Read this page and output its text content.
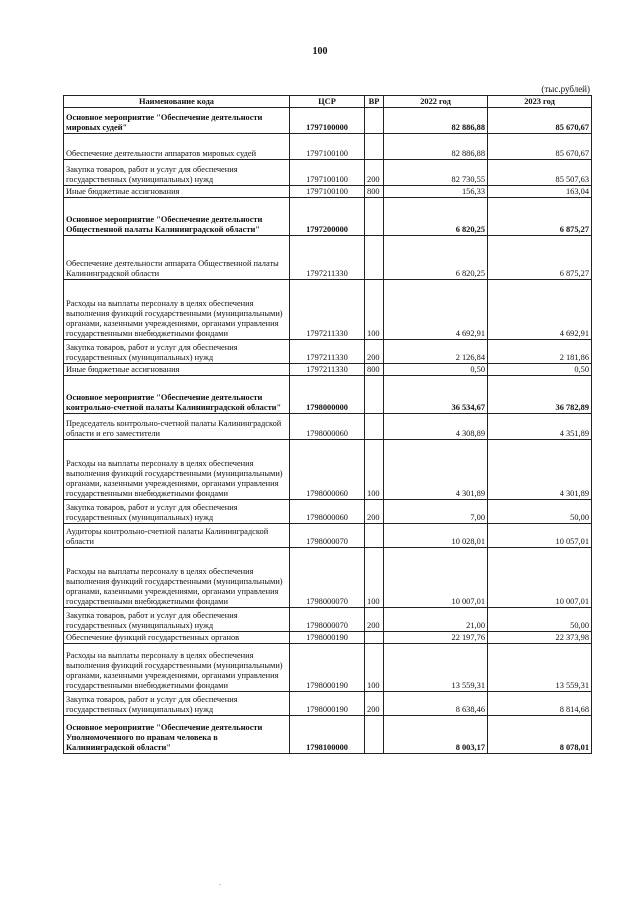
100
(тыс.рублей)
Наименование кода	ЦСР	ВР	2022 год	2023 год
Основное мероприятие "Обеспечение деятельности мировых судей"	1797100000		82 886,88	85 670,67
Обеспечение деятельности аппаратов мировых судей	1797100100		82 886,88	85 670,67
Закупка товаров, работ и услуг для обеспечения государственных (муниципальных) нужд	1797100100	200	82 730,55	85 507,63
Иные бюджетные ассигнования	1797100100	800	156,33	163,04
Основное мероприятие "Обеспечение деятельности Общественной палаты Калининградской области"	1797200000		6 820,25	6 875,27
Обеспечение деятельности аппарата Общественной палаты Калининградской области	1797211330		6 820,25	6 875,27
Расходы на выплаты персоналу в целях обеспечения выполнения функций государственными (муниципальными) органами, казенными учреждениями, органами управления государственными внебюджетными фондами	1797211330	100	4 692,91	4 692,91
Закупка товаров, работ и услуг для обеспечения государственных (муниципальных) нужд	1797211330	200	2 126,84	2 181,86
Иные бюджетные ассигнования	1797211330	800	0,50	0,50
Основное мероприятие "Обеспечение деятельности контрольно-счетной палаты Калининградской области"	1798000000		36 534,67	36 782,89
Председатель контрольно-счетной палаты Калининградской области и его заместители	1798000060		4 308,89	4 351,89
Расходы на выплаты персоналу в целях обеспечения выполнения функций государственными (муниципальными) органами, казенными учреждениями, органами управления государственными внебюджетными фондами	1798000060	100	4 301,89	4 301,89
Закупка товаров, работ и услуг для обеспечения государственных (муниципальных) нужд	1798000060	200	7,00	50,00
Аудиторы контрольно-счетной палаты Калининградской области	1798000070		10 028,01	10 057,01
Расходы на выплаты персоналу в целях обеспечения выполнения функций государственными (муниципальными) органами, казенными учреждениями, органами управления государственными внебюджетными фондами	1798000070	100	10 007,01	10 007,01
Закупка товаров, работ и услуг для обеспечения государственных (муниципальных) нужд	1798000070	200	21,00	50,00
Обеспечение функций государственных органов	1798000190		22 197,76	22 373,98
Расходы на выплаты персоналу в целях обеспечения выполнения функций государственными (муниципальными) органами, казенными учреждениями, органами управления государственными внебюджетными фондами	1798000190	100	13 559,31	13 559,31
Закупка товаров, работ и услуг для обеспечения государственных (муниципальных) нужд	1798000190	200	8 638,46	8 814,68
Основное мероприятие "Обеспечение деятельности Уполномоченного по правам человека в Калининградской области"	1798100000		8 003,17	8 078,01
.
